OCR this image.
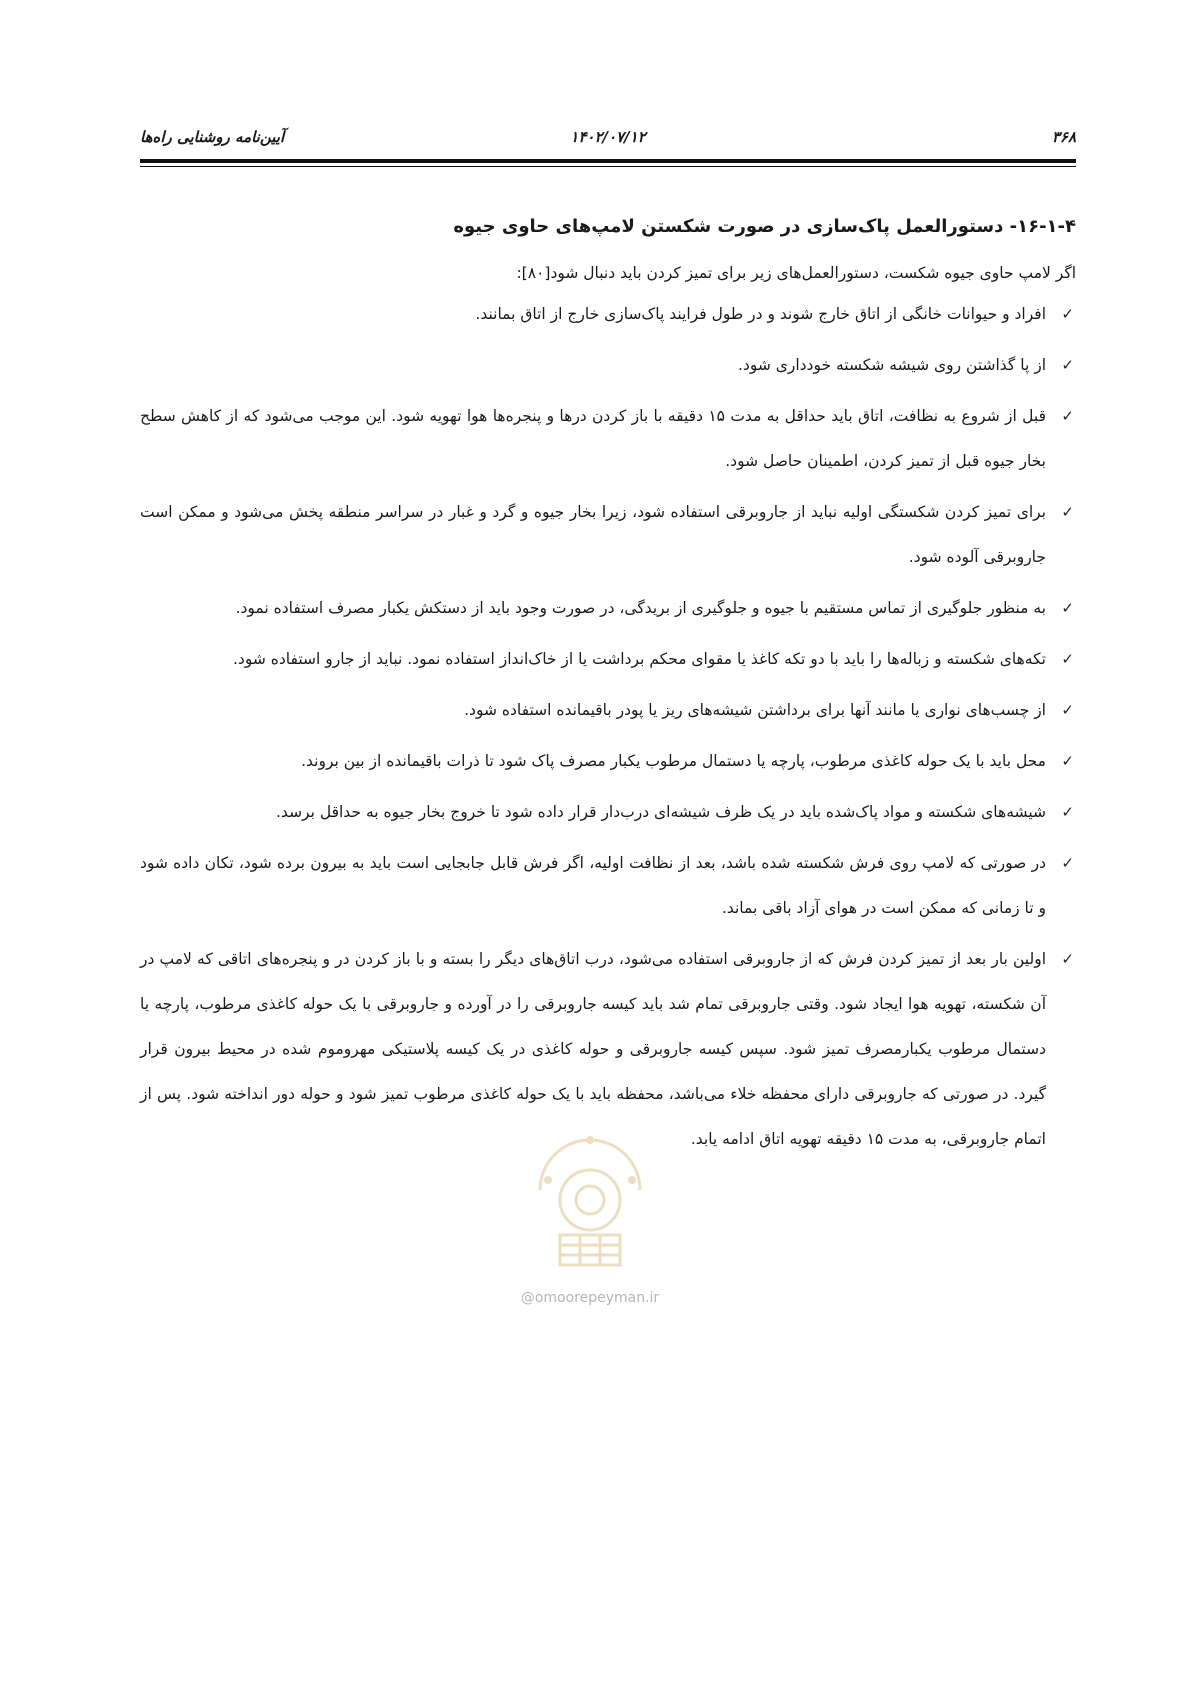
۳۶۸
۱۴۰۲/۰۷/۱۲
آیین‌نامه روشنایی راه‌ها
۱۶-۱-۴- دستورالعمل پاک‌سازی در صورت شکستن لامپ‌های حاوی جیوه

اگر لامپ حاوی جیوه شکست، دستورالعمل‌های زیر برای تمیز کردن باید دنبال شود[۸۰]:

✓
افراد و حیوانات خانگی از اتاق خارج شوند و در طول فرایند پاک‌سازی خارج از اتاق بمانند.
✓
از پا گذاشتن روی شیشه شکسته خودداری شود.
✓
قبل از شروع به نظافت، اتاق باید حداقل به مدت ۱۵ دقیقه با باز کردن درها و پنجره‌ها هوا تهویه شود. این موجب می‌شود که از کاهش سطح بخار جیوه قبل از تمیز کردن، اطمینان حاصل شود.
✓
برای تمیز کردن شکستگی اولیه نباید از جاروبرقی استفاده شود، زیرا بخار جیوه و گرد و غبار در سراسر منطقه پخش می‌شود و ممکن است جاروبرقی آلوده شود.
✓
به منظور جلوگیری از تماس مستقیم با جیوه و جلوگیری از بریدگی، در صورت وجود باید از دستکش یکبار مصرف استفاده نمود.
✓
تکه‌های شکسته و زباله‌ها را باید با دو تکه کاغذ یا مقوای محکم برداشت یا از خاک‌انداز استفاده نمود. نباید از جارو استفاده شود.
✓
از چسب‌های نواری یا مانند آنها برای برداشتن شیشه‌های ریز یا پودر باقیمانده استفاده شود.
✓
محل باید با یک حوله کاغذی مرطوب، پارچه یا دستمال مرطوب یکبار مصرف پاک شود تا ذرات باقیمانده از بین بروند.
✓
شیشه‌های شکسته و مواد پاک‌شده باید در یک ظرف شیشه‌ای درب‌دار قرار داده شود تا خروج بخار جیوه به حداقل برسد.
✓
در صورتی که لامپ روی فرش شکسته شده باشد، بعد از نظافت اولیه، اگر فرش قابل جابجایی است باید به بیرون برده شود، تکان داده شود و تا زمانی که ممکن است در هوای آزاد باقی بماند.
✓
اولین بار بعد از تمیز کردن فرش که از جاروبرقی استفاده می‌شود، درب اتاق‌های دیگر را بسته و با باز کردن در و پنجره‌های اتاقی که لامپ در آن شکسته، تهویه هوا ایجاد شود. وقتی جاروبرقی تمام شد باید کیسه جاروبرقی را در آورده و جاروبرقی با یک حوله کاغذی مرطوب، پارچه یا دستمال مرطوب یکبارمصرف تمیز شود. سپس کیسه جاروبرقی و حوله کاغذی در یک کیسه پلاستیکی مهروموم شده در محیط بیرون قرار گیرد. در صورتی که جاروبرقی دارای محفظه خلاء می‌باشد، محفظه باید با یک حوله کاغذی مرطوب تمیز شود و حوله دور انداخته شود. پس از اتمام جاروبرقی، به مدت ۱۵ دقیقه تهویه اتاق ادامه یابد.
@omoorepeyman.ir
